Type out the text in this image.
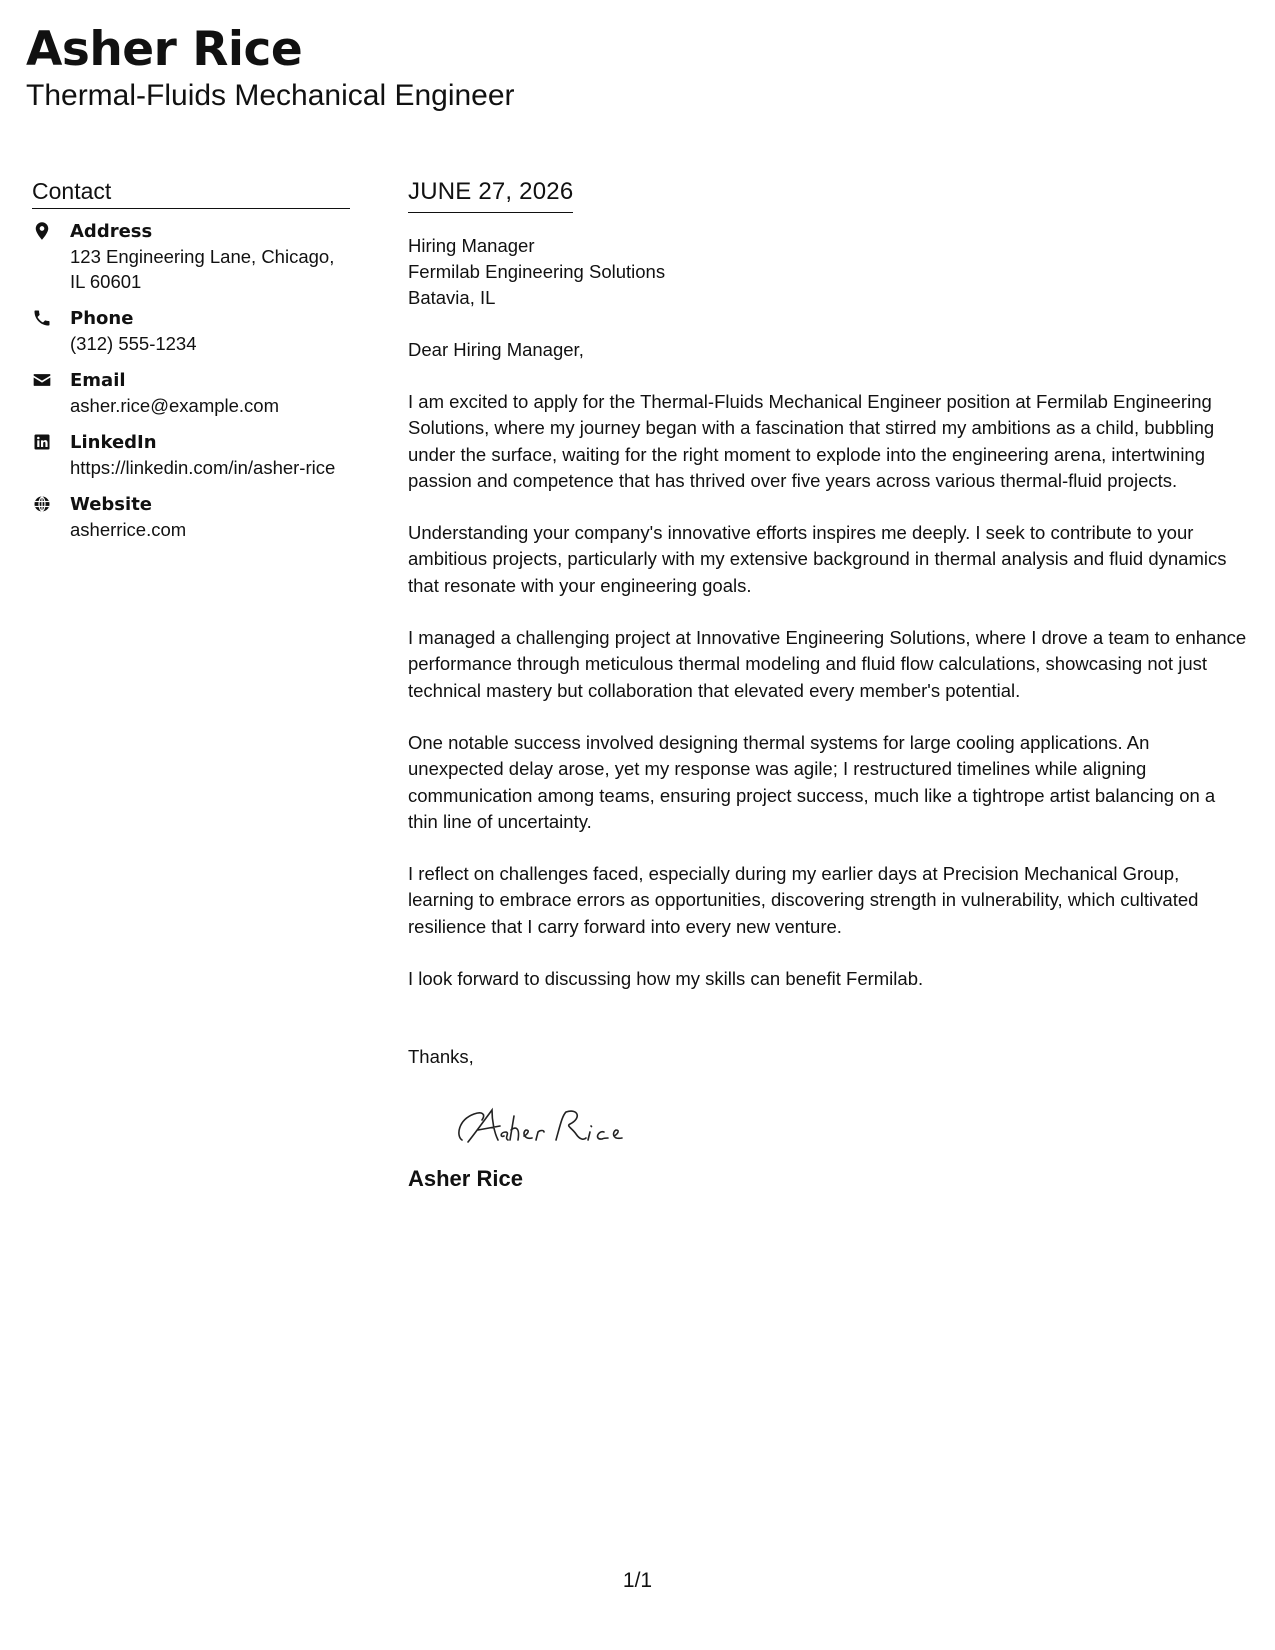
Asher Rice
Thermal-Fluids Mechanical Engineer
Contact
Address
123 Engineering Lane, Chicago, IL 60601
Phone
(312) 555-1234
Email
asher.rice@example.com
LinkedIn
https://linkedin.com/in/asher-rice
Website
asherrice.com
JUNE 27, 2026
Hiring Manager
Fermilab Engineering Solutions
Batavia, IL
Dear Hiring Manager,
I am excited to apply for the Thermal-Fluids Mechanical Engineer position at Fermilab Engineering Solutions, where my journey began with a fascination that stirred my ambitions as a child, bubbling under the surface, waiting for the right moment to explode into the engineering arena, intertwining passion and competence that has thrived over five years across various thermal-fluid projects.
Understanding your company's innovative efforts inspires me deeply. I seek to contribute to your ambitious projects, particularly with my extensive background in thermal analysis and fluid dynamics that resonate with your engineering goals.
I managed a challenging project at Innovative Engineering Solutions, where I drove a team to enhance performance through meticulous thermal modeling and fluid flow calculations, showcasing not just technical mastery but collaboration that elevated every member's potential.
One notable success involved designing thermal systems for large cooling applications. An unexpected delay arose, yet my response was agile; I restructured timelines while aligning communication among teams, ensuring project success, much like a tightrope artist balancing on a thin line of uncertainty.
I reflect on challenges faced, especially during my earlier days at Precision Mechanical Group, learning to embrace errors as opportunities, discovering strength in vulnerability, which cultivated resilience that I carry forward into every new venture.
I look forward to discussing how my skills can benefit Fermilab.
Thanks,
Asher Rice
1/1
